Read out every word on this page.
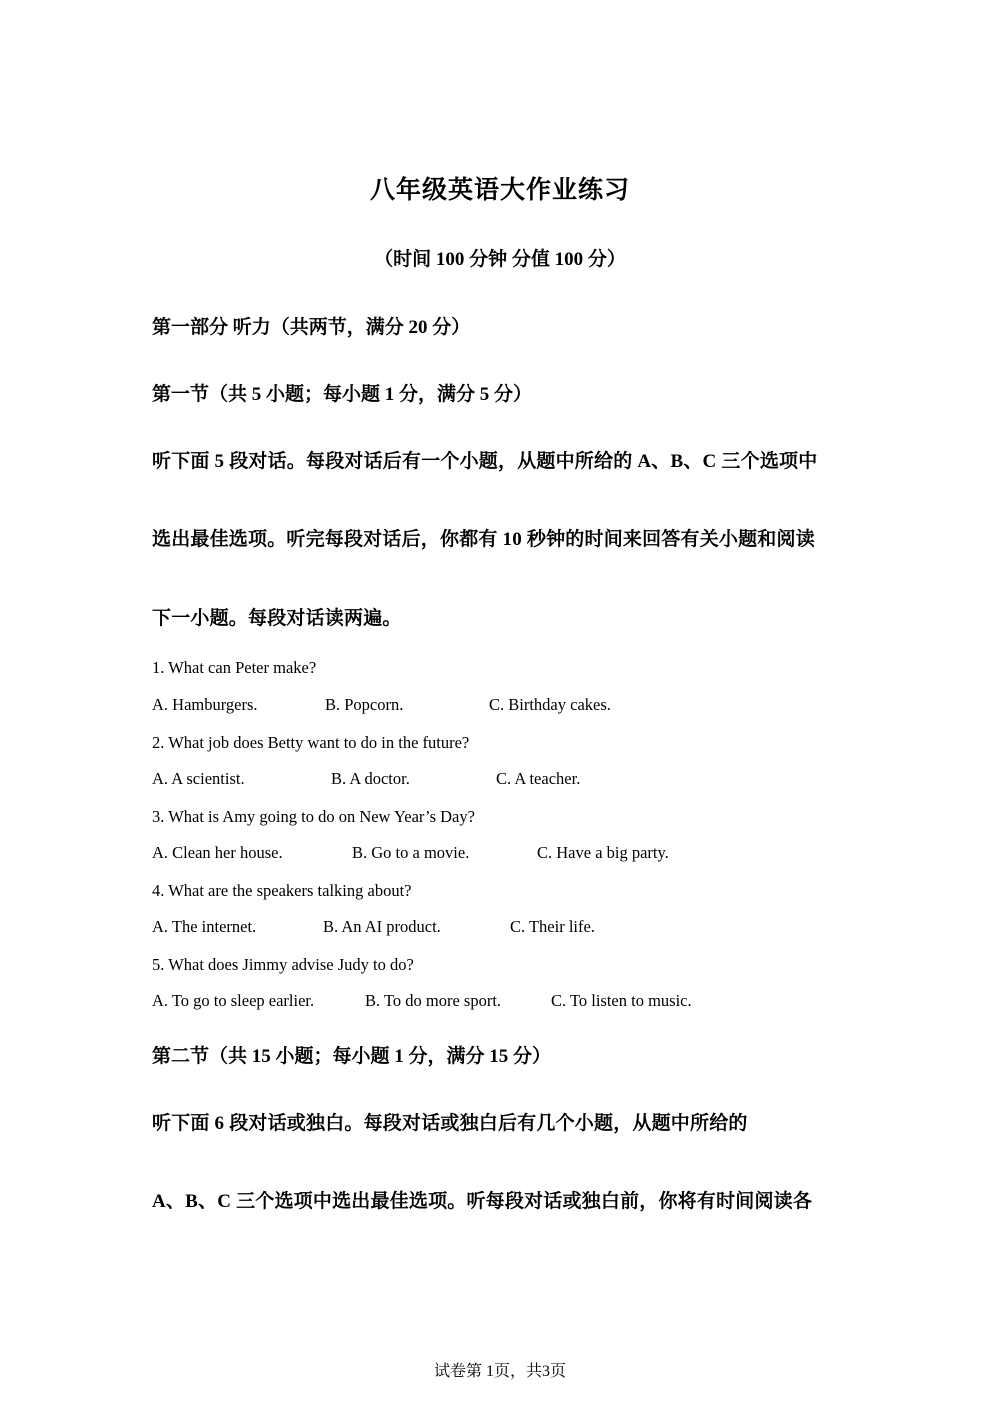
八年级英语大作业练习
（时间 100 分钟 分值 100 分）
第一部分 听力（共两节，满分 20 分）
第一节（共 5 小题；每小题 1 分，满分 5 分）
听下面 5 段对话。每段对话后有一个小题，从题中所给的 A、B、C 三个选项中
选出最佳选项。听完每段对话后，你都有 10 秒钟的时间来回答有关小题和阅读
下一小题。每段对话读两遍。
1. What can Peter make?
A. Hamburgers.	B. Popcorn.	C. Birthday cakes.
2. What job does Betty want to do in the future?
A. A scientist.	B. A doctor.	C. A teacher.
3. What is Amy going to do on New Year’s Day?
A. Clean her house.	B. Go to a movie.	C. Have a big party.
4. What are the speakers talking about?
A. The internet.	B. An AI product.	C. Their life.
5. What does Jimmy advise Judy to do?
A. To go to sleep earlier.	B. To do more sport.	C. To listen to music.
第二节（共 15 小题；每小题 1 分，满分 15 分）
听下面 6 段对话或独白。每段对话或独白后有几个小题，从题中所给的
A、B、C 三个选项中选出最佳选项。听每段对话或独白前，你将有时间阅读各
试卷第 1页，共3页
